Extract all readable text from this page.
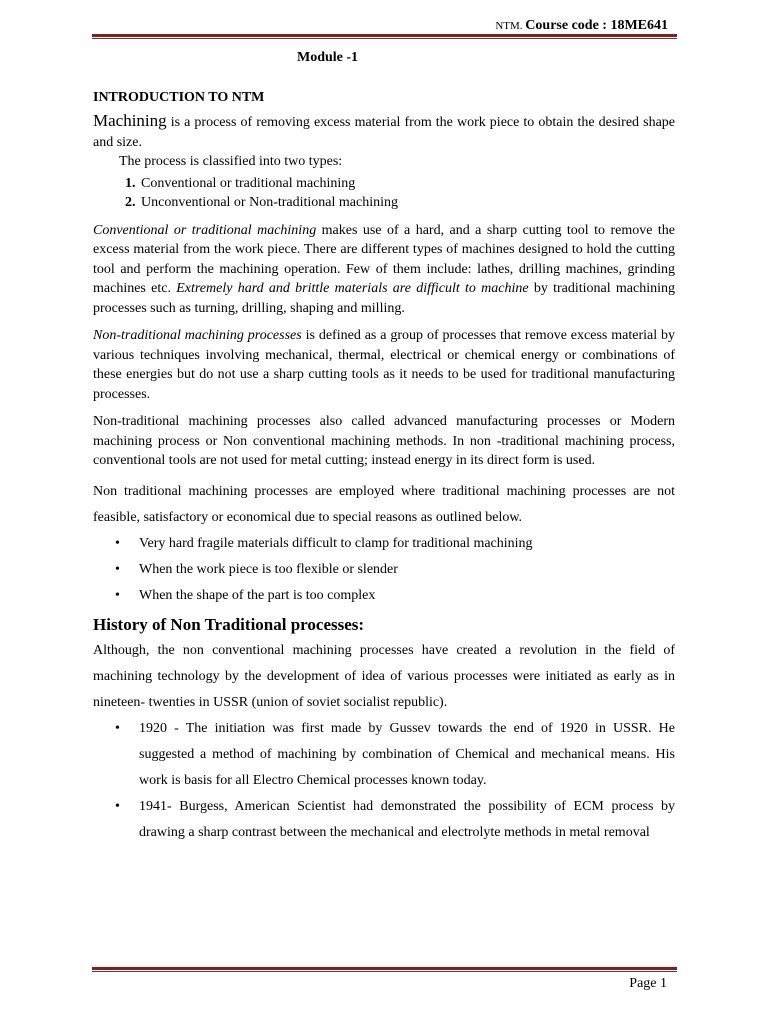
NTM. Course code : 18ME641
Module -1
INTRODUCTION TO NTM

Machining is a process of removing excess material from the work piece to obtain the desired shape and size.

The process is classified into two types:

1. Conventional or traditional machining
2. Unconventional or Non-traditional machining

Conventional or traditional machining makes use of a hard, and a sharp cutting tool to remove the excess material from the work piece. There are different types of machines designed to hold the cutting tool and perform the machining operation. Few of them include: lathes, drilling machines, grinding machines etc. Extremely hard and brittle materials are difficult to machine by traditional machining processes such as turning, drilling, shaping and milling.

Non-traditional machining processes is defined as a group of processes that remove excess material by various techniques involving mechanical, thermal, electrical or chemical energy or combinations of these energies but do not use a sharp cutting tools as it needs to be used for traditional manufacturing processes.

Non-traditional machining processes also called advanced manufacturing processes or Modern machining process or Non conventional machining methods. In non -traditional machining process, conventional tools are not used for metal cutting; instead energy in its direct form is used.

Non traditional machining processes are employed where traditional machining processes are not feasible, satisfactory or economical due to special reasons as outlined below.

• Very hard fragile materials difficult to clamp for traditional machining
• When the work piece is too flexible or slender
• When the shape of the part is too complex
History of Non Traditional processes:

Although, the non conventional machining processes have created a revolution in the field of machining technology by the development of idea of various processes were initiated as early as in nineteen- twenties in USSR (union of soviet socialist republic).

• 1920 - The initiation was first made by Gussev towards the end of 1920 in USSR. He suggested a method of machining by combination of Chemical and mechanical means. His work is basis for all Electro Chemical processes known today.
• 1941- Burgess, American Scientist had demonstrated the possibility of ECM process by drawing a sharp contrast between the mechanical and electrolyte methods in metal removal
Page 1
